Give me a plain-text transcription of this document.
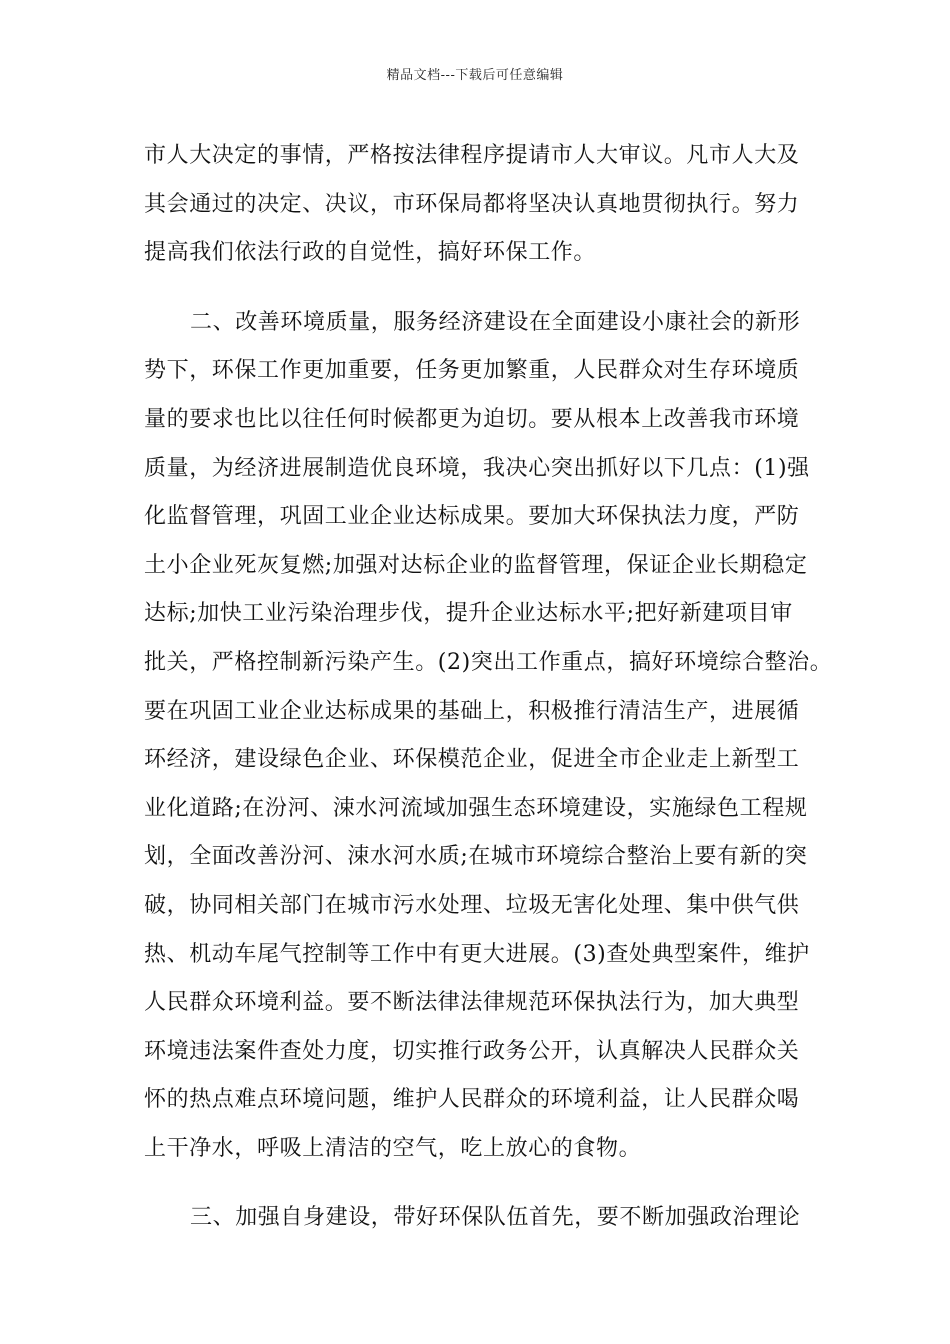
精品文档---下载后可任意编辑
市人大决定的事情，严格按法律程序提请市人大审议。凡市人大及
其会通过的决定、决议，市环保局都将坚决认真地贯彻执行。努力
提高我们依法行政的自觉性，搞好环保工作。
二、改善环境质量，服务经济建设在全面建设小康社会的新形
势下，环保工作更加重要，任务更加繁重，人民群众对生存环境质
量的要求也比以往任何时候都更为迫切。要从根本上改善我市环境
质量，为经济进展制造优良环境，我决心突出抓好以下几点：(1)强
化监督管理，巩固工业企业达标成果。要加大环保执法力度，严防
土小企业死灰复燃;加强对达标企业的监督管理，保证企业长期稳定
达标;加快工业污染治理步伐，提升企业达标水平;把好新建项目审
批关，严格控制新污染产生。(2)突出工作重点，搞好环境综合整治。
要在巩固工业企业达标成果的基础上，积极推行清洁生产，进展循
环经济，建设绿色企业、环保模范企业，促进全市企业走上新型工
业化道路;在汾河、涑水河流域加强生态环境建设，实施绿色工程规
划，全面改善汾河、涑水河水质;在城市环境综合整治上要有新的突
破，协同相关部门在城市污水处理、垃圾无害化处理、集中供气供
热、机动车尾气控制等工作中有更大进展。(3)查处典型案件，维护
人民群众环境利益。要不断法律法律规范环保执法行为，加大典型
环境违法案件查处力度，切实推行政务公开，认真解决人民群众关
怀的热点难点环境问题，维护人民群众的环境利益，让人民群众喝
上干净水，呼吸上清洁的空气，吃上放心的食物。
三、加强自身建设，带好环保队伍首先，要不断加强政治理论
